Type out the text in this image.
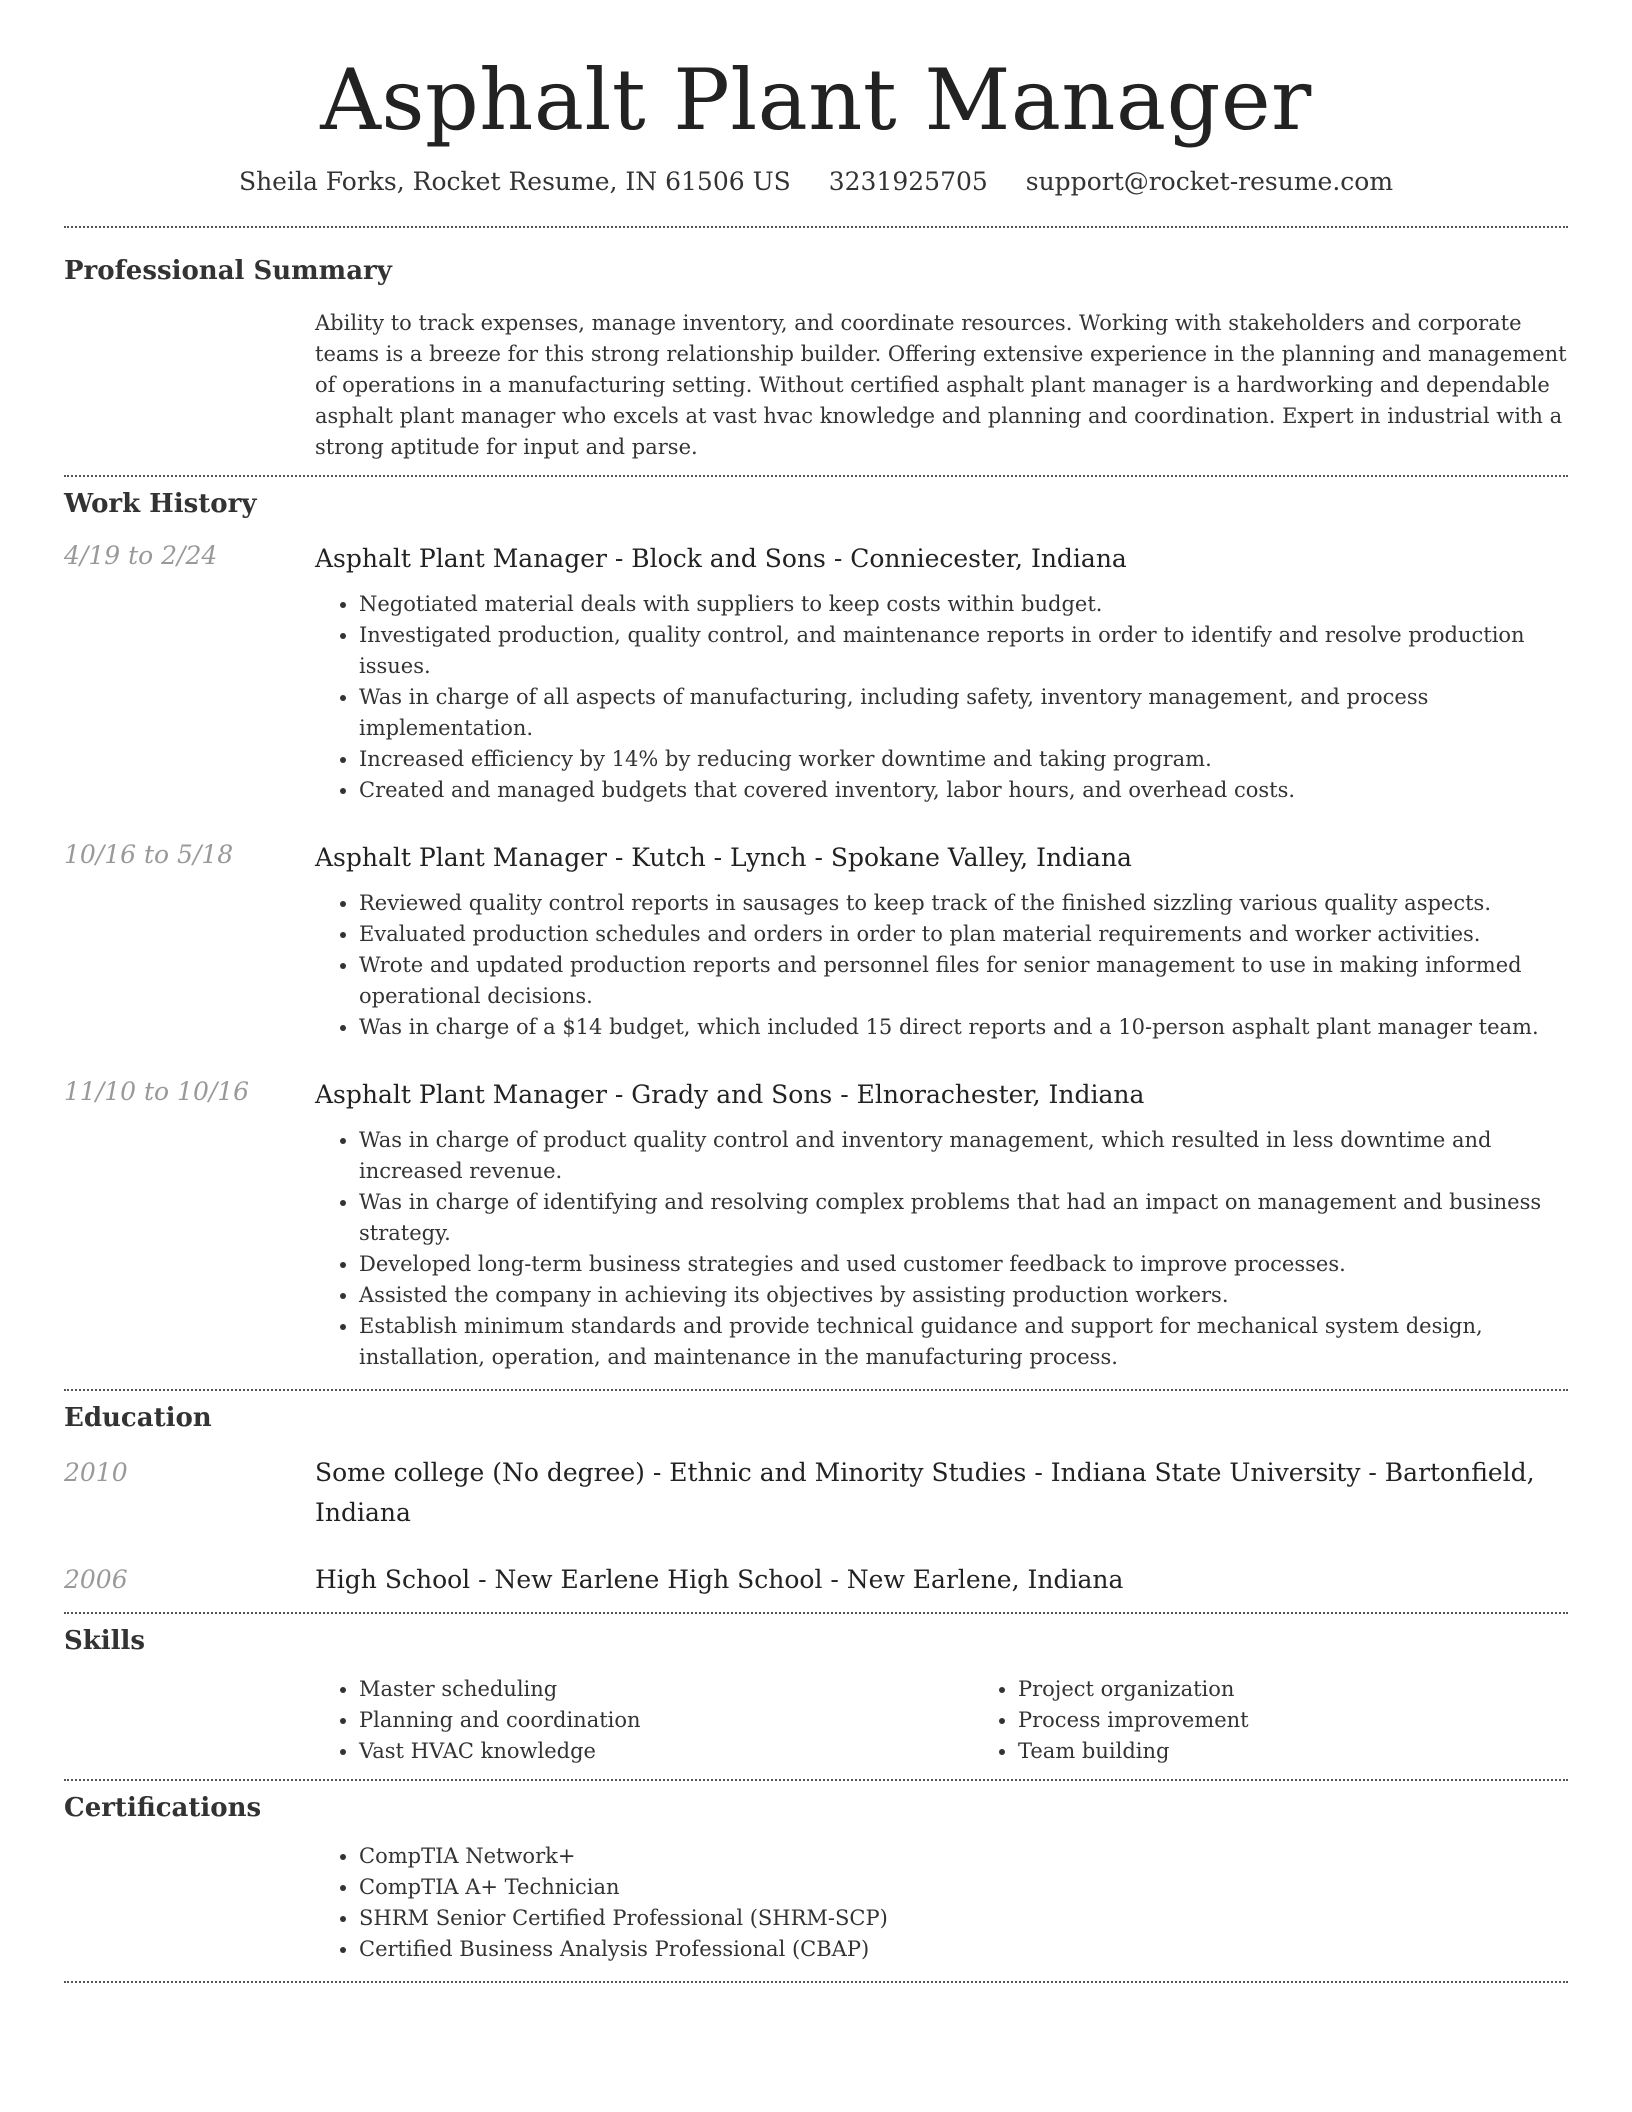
Asphalt Plant Manager
Sheila Forks, Rocket Resume, IN 61506 US 3231925705 support@rocket-resume.com
Professional Summary

Ability to track expenses, manage inventory, and coordinate resources. Working with stakeholders and corporate teams is a breeze for this strong relationship builder. Offering extensive experience in the planning and management of operations in a manufacturing setting. Without certified asphalt plant manager is a hardworking and dependable asphalt plant manager who excels at vast hvac knowledge and planning and coordination. Expert in industrial with a strong aptitude for input and parse.

Work History
4/19 to 2/24	Asphalt Plant Manager - Block and Sons - Conniecester, Indiana
• Negotiated material deals with suppliers to keep costs within budget.
• Investigated production, quality control, and maintenance reports in order to identify and resolve production issues.
• Was in charge of all aspects of manufacturing, including safety, inventory management, and process implementation.
• Increased efficiency by 14% by reducing worker downtime and taking program.
• Created and managed budgets that covered inventory, labor hours, and overhead costs.
10/16 to 5/18	Asphalt Plant Manager - Kutch - Lynch - Spokane Valley, Indiana
• Reviewed quality control reports in sausages to keep track of the finished sizzling various quality aspects.
• Evaluated production schedules and orders in order to plan material requirements and worker activities.
• Wrote and updated production reports and personnel files for senior management to use in making informed operational decisions.
• Was in charge of a $14 budget, which included 15 direct reports and a 10-person asphalt plant manager team.
11/10 to 10/16	Asphalt Plant Manager - Grady and Sons - Elnorachester, Indiana
• Was in charge of product quality control and inventory management, which resulted in less downtime and increased revenue.
• Was in charge of identifying and resolving complex problems that had an impact on management and business strategy.
• Developed long-term business strategies and used customer feedback to improve processes.
• Assisted the company in achieving its objectives by assisting production workers.
• Establish minimum standards and provide technical guidance and support for mechanical system design, installation, operation, and maintenance in the manufacturing process.
Education
2010	Some college (No degree) - Ethnic and Minority Studies - Indiana State University - Bartonfield, Indiana
2006	High School - New Earlene High School - New Earlene, Indiana
Skills
• Master scheduling
• Planning and coordination
• Vast HVAC knowledge
• Project organization
• Process improvement
• Team building
Certifications
• CompTIA Network+
• CompTIA A+ Technician
• SHRM Senior Certified Professional (SHRM-SCP)
• Certified Business Analysis Professional (CBAP)
